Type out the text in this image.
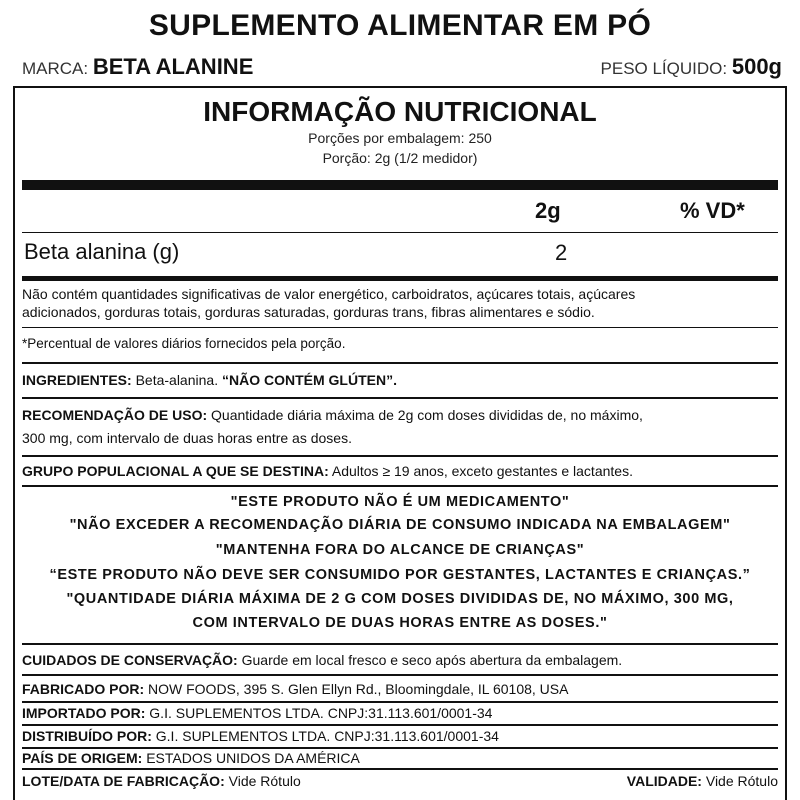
SUPLEMENTO ALIMENTAR EM PÓ
MARCA: BETA ALANINE	PESO LÍQUIDO: 500g
INFORMAÇÃO NUTRICIONAL
Porções por embalagem: 250
Porção: 2g (1/2 medidor)
2g	% VD*
Beta alanina (g)	2
Não contém quantidades significativas de valor energético, carboidratos, açúcares totais, açúcares
adicionados, gorduras totais, gorduras saturadas, gorduras trans, fibras alimentares e sódio.
*Percentual de valores diários fornecidos pela porção.
INGREDIENTES: Beta-alanina. “NÃO CONTÉM GLÚTEN”.
RECOMENDAÇÃO DE USO: Quantidade diária máxima de 2g com doses divididas de, no máximo,
300 mg, com intervalo de duas horas entre as doses.
GRUPO POPULACIONAL A QUE SE DESTINA: Adultos ≥ 19 anos, exceto gestantes e lactantes.
"ESTE PRODUTO NÃO É UM MEDICAMENTO"
"NÃO EXCEDER A RECOMENDAÇÃO DIÁRIA DE CONSUMO INDICADA NA EMBALAGEM"
"MANTENHA FORA DO ALCANCE DE CRIANÇAS"
“ESTE PRODUTO NÃO DEVE SER CONSUMIDO POR GESTANTES, LACTANTES E CRIANÇAS.”
"QUANTIDADE DIÁRIA MÁXIMA DE 2 G COM DOSES DIVIDIDAS DE, NO MÁXIMO, 300 MG,
COM INTERVALO DE DUAS HORAS ENTRE AS DOSES."
CUIDADOS DE CONSERVAÇÃO: Guarde em local fresco e seco após abertura da embalagem.
FABRICADO POR: NOW FOODS, 395 S. Glen Ellyn Rd., Bloomingdale, IL 60108, USA
IMPORTADO POR: G.I. SUPLEMENTOS LTDA. CNPJ:31.113.601/0001-34
DISTRIBUÍDO POR: G.I. SUPLEMENTOS LTDA. CNPJ:31.113.601/0001-34
PAÍS DE ORIGEM: ESTADOS UNIDOS DA AMÉRICA
LOTE/DATA DE FABRICAÇÃO: Vide Rótulo	VALIDADE: Vide Rótulo
